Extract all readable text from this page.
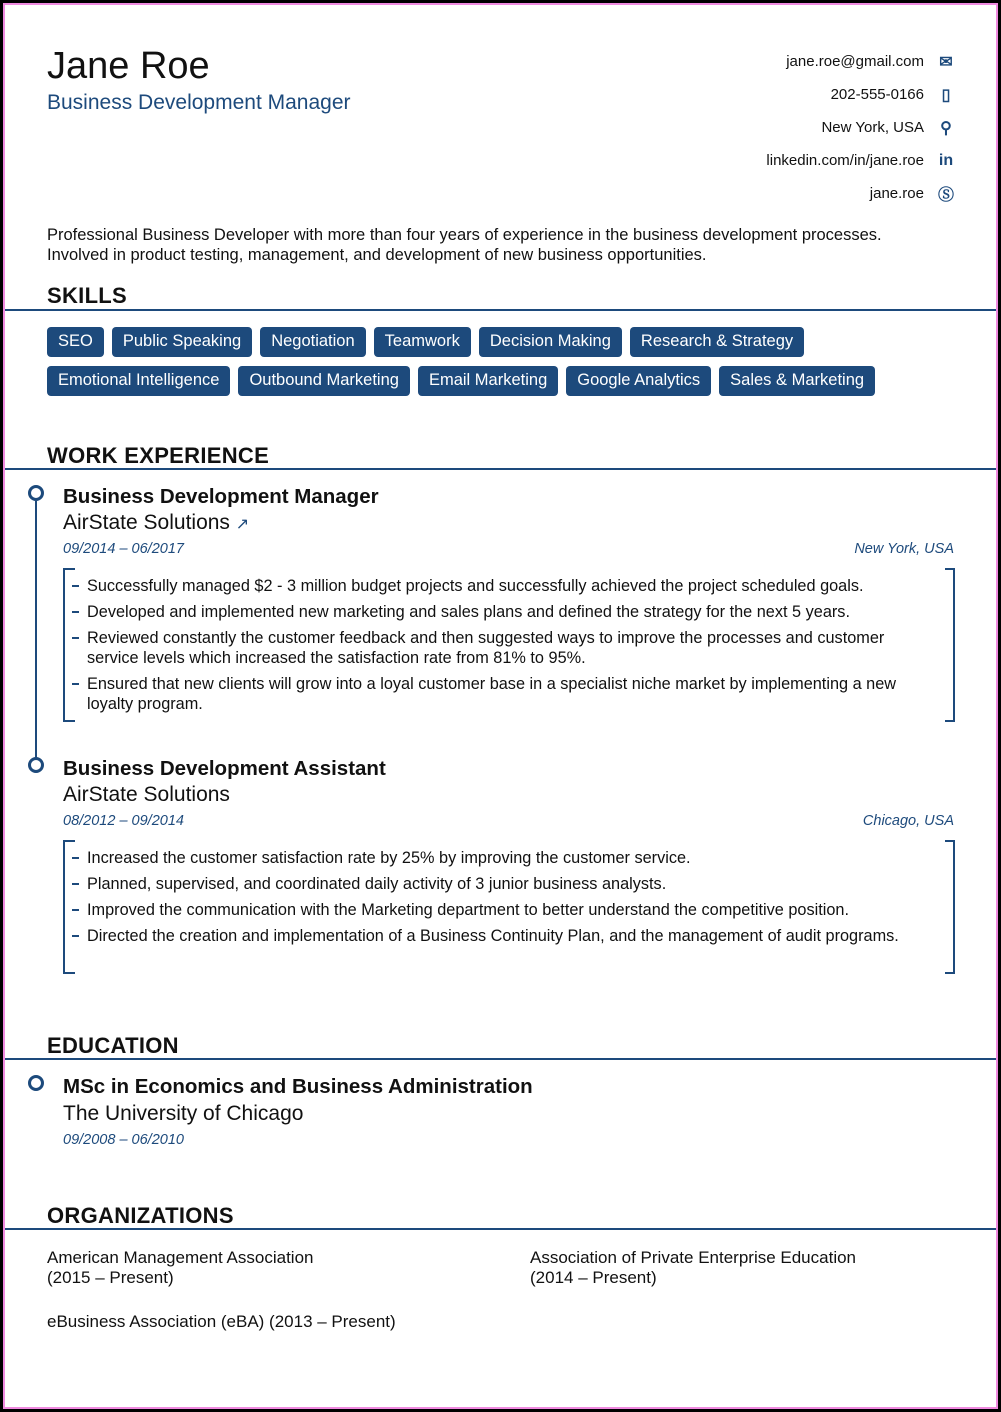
Jane Roe
Business Development Manager
jane.roe@gmail.com ✉
202-555-0166	▯
New York, USA ⚲
linkedin.com/in/jane.roe in
jane.roe Ⓢ
Professional Business Developer with more than four years of experience in the business development processes. Involved in product testing, management, and development of new business opportunities.
SKILLS
SEO	Public Speaking	Negotiation	Teamwork	Decision Making	Research & Strategy
Emotional Intelligence	Outbound Marketing	Email Marketing	Google Analytics	Sales & Marketing
WORK EXPERIENCE
Business Development Manager
AirState Solutions ↗
09/2014 – 06/2017	New York, USA
Successfully managed $2 - 3 million budget projects and successfully achieved the project scheduled goals.
Developed and implemented new marketing and sales plans and defined the strategy for the next 5 years.
Reviewed constantly the customer feedback and then suggested ways to improve the processes and customer service levels which increased the satisfaction rate from 81% to 95%.
Ensured that new clients will grow into a loyal customer base in a specialist niche market by implementing a new loyalty program.
Business Development Assistant
AirState Solutions
08/2012 – 09/2014	Chicago, USA
Increased the customer satisfaction rate by 25% by improving the customer service.
Planned, supervised, and coordinated daily activity of 3 junior business analysts.
Improved the communication with the Marketing department to better understand the competitive position.
Directed the creation and implementation of a Business Continuity Plan, and the management of audit programs.
EDUCATION
MSc in Economics and Business Administration
The University of Chicago
09/2008 – 06/2010
ORGANIZATIONS
American Management Association
(2015 – Present)
Association of Private Enterprise Education
(2014 – Present)
eBusiness Association (eBA) (2013 – Present)
